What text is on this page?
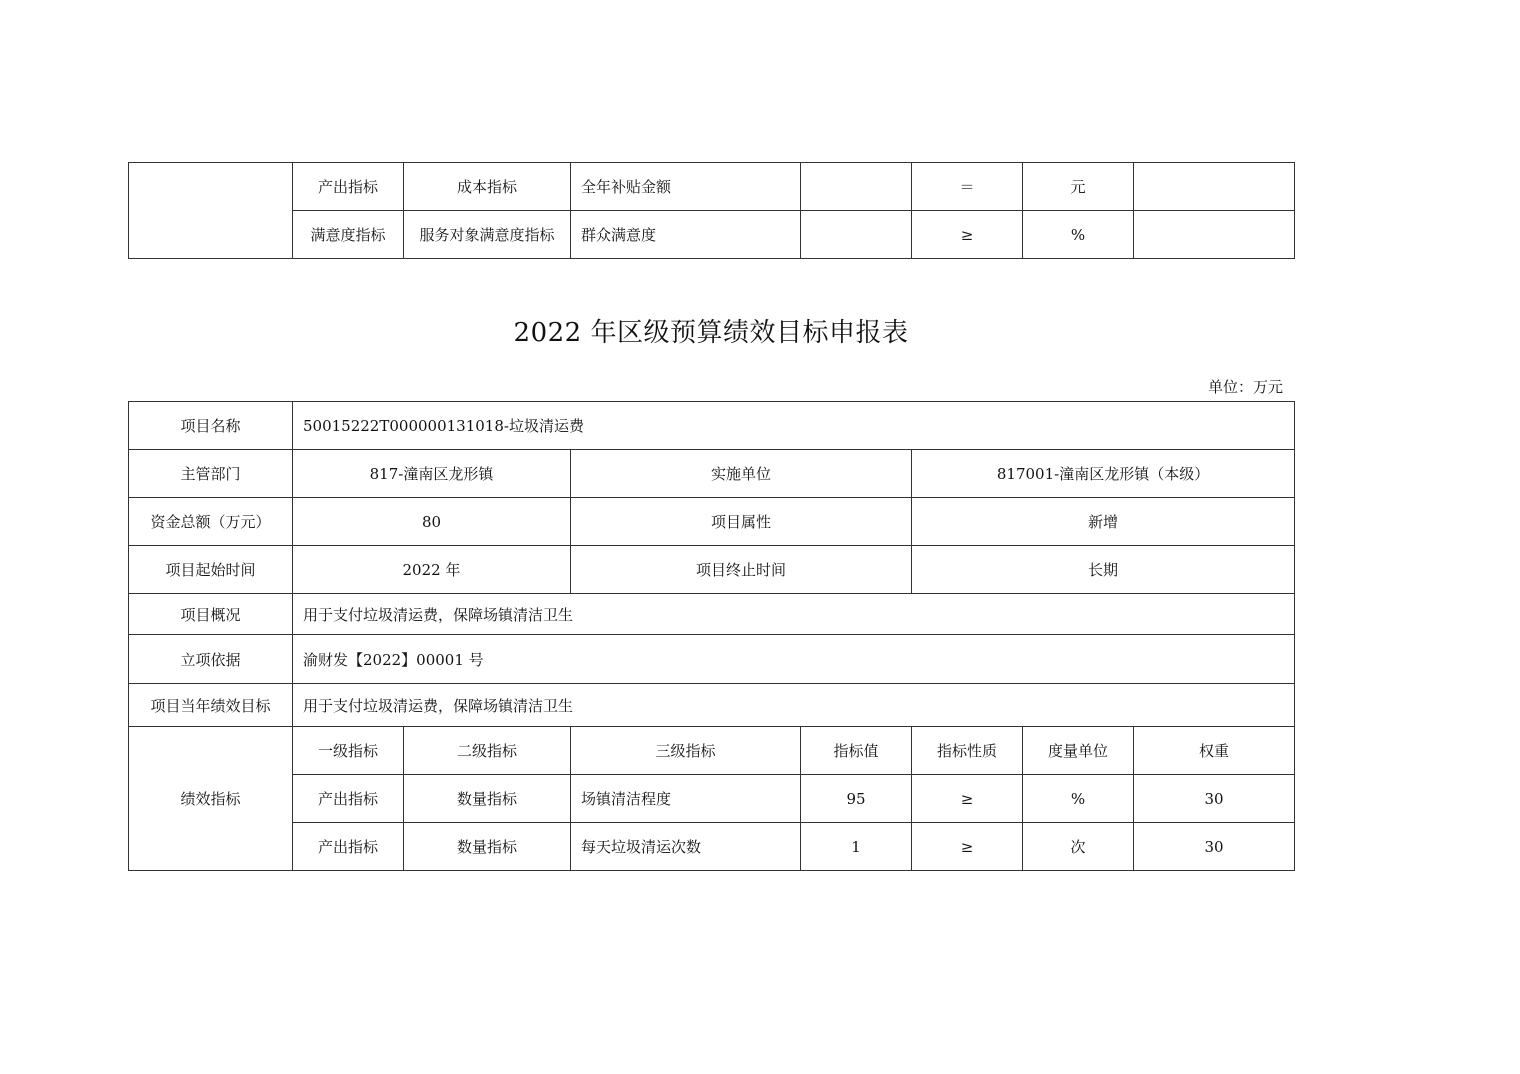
	产出指标	成本指标	全年补贴金额		＝	元	
	满意度指标	服务对象满意度指标	群众满意度		≥	%	
2022 年区级预算绩效目标申报表
单位：万元
项目名称	50015222T000000131018-垃圾清运费						
主管部门	817-潼南区龙形镇		实施单位		817001-潼南区龙形镇（本级）		
资金总额（万元）	80		项目属性		新增		
项目起始时间	2022 年		项目终止时间		长期		
项目概况	用于支付垃圾清运费，保障场镇清洁卫生						
立项依据	渝财发【2022】00001 号						
项目当年绩效目标	用于支付垃圾清运费，保障场镇清洁卫生						
绩效指标	一级指标	二级指标	三级指标	指标值	指标性质	度量单位	权重
	产出指标	数量指标	场镇清洁程度	95	≥	%	30
	产出指标	数量指标	每天垃圾清运次数	1	≥	次	30
